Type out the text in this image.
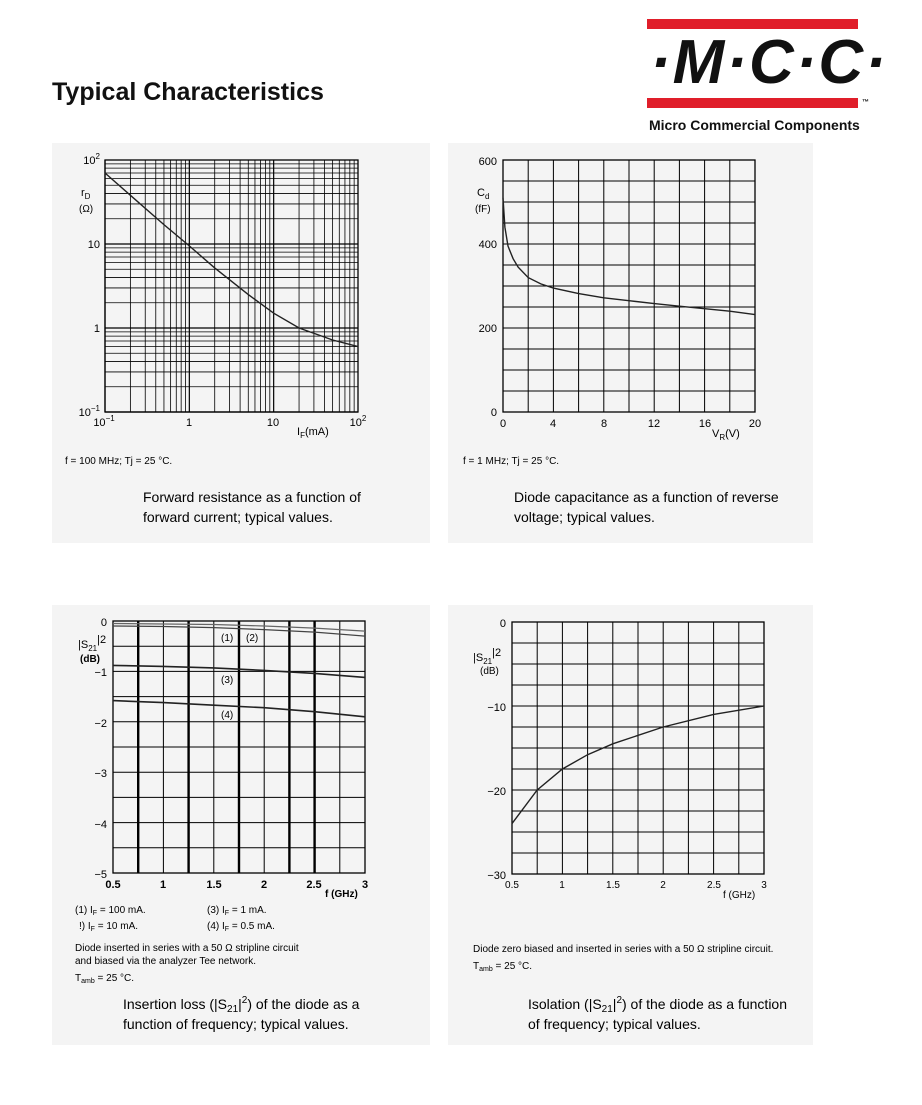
Typical Characteristics	·M·C·C·
™
Micro Commercial Components
$10^2$
10
1
$10^{-1}$
$10^{-1}$	1	10	$10^2$
$r_D$
(Ω)
$I_F(mA)$
f = 100 MHz; Tj = 25 °C.
Forward resistance as a function of
forward current; typical values.
600
400
200
0
0	4	8	12	16	20
$C_d$
(fF)
$V_R(V)$
f = 1 MHz; Tj = 25 °C.
Diode capacitance as a function of reverse
voltage; typical values.
(1) (2)
(3)
(4)
0
−1
−2
−3
−4
−5
0.5	1	1.5	2	2.5	3
f (GHz)
$|S_{21}|2$
(dB)
(1) $I_F = 100$ mA.	(3) $I_F = 1$ mA.
!) $I_F = 10$ mA.	(4) $I_F = 0.5$ mA.
Diode inserted in series with a 50 Ω stripline circuit
and biased via the analyzer Tee network.
$T_{amb} = 25$ °C.
Insertion loss $(|S_{21}|^2)$ of the diode as a
function of frequency; typical values.
0
−10
−20
−30
0.5	1	1.5	2	2.5	3
f (GHz)
$|S_{21}|2$
(dB)
Diode zero biased and inserted in series with a 50 Ω stripline circuit.
$T_{amb} = 25$ °C.
Isolation $(|S_{21}|^2)$ of the diode as a function
of frequency; typical values.
